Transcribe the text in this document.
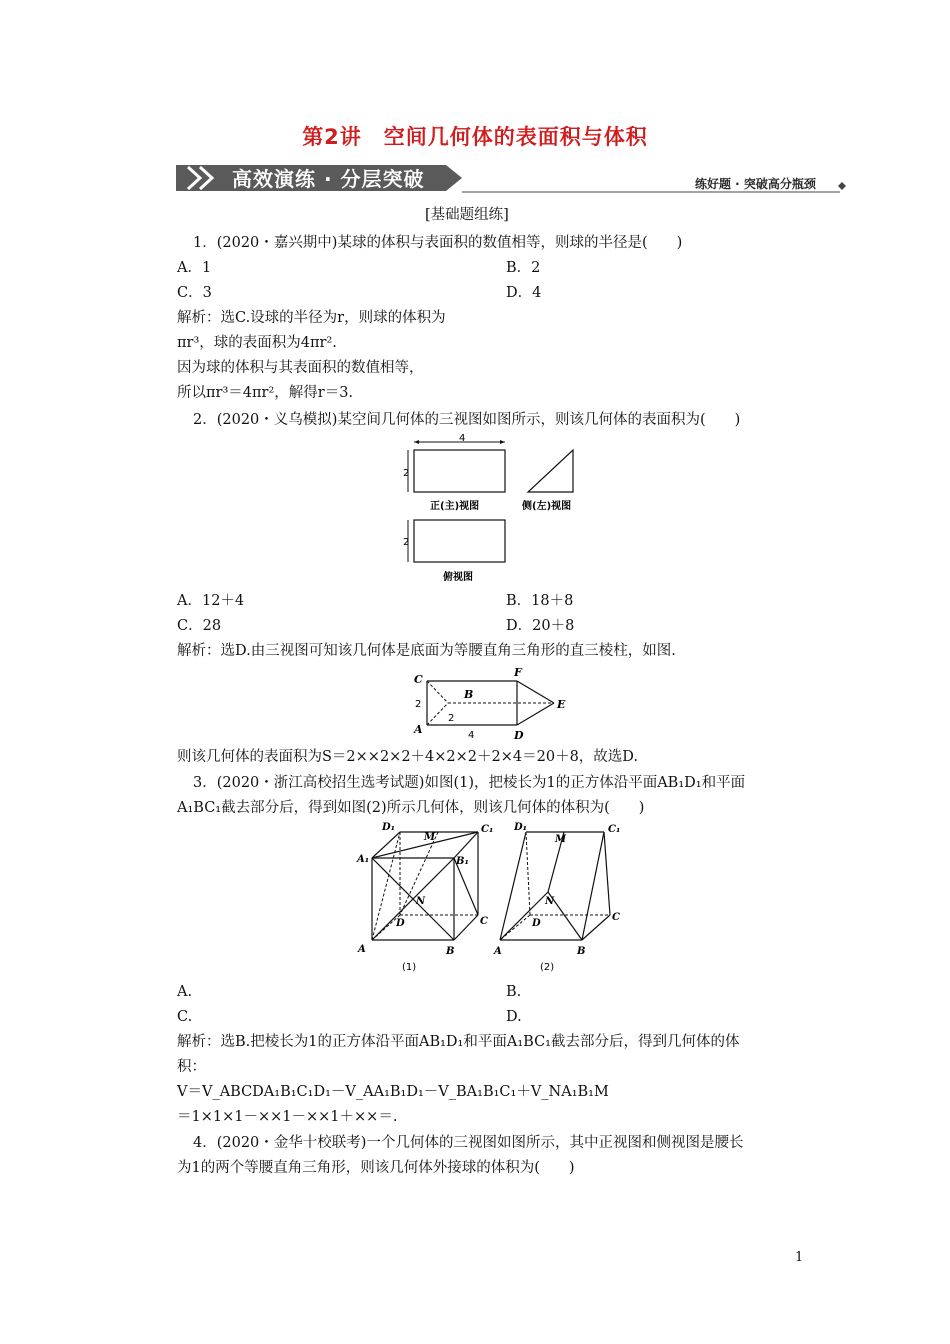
第2讲　空间几何体的表面积与体积
高效演练 · 分层突破	练好题 · 突破高分瓶颈
[基础题组练]
1．(2020・嘉兴期中)某球的体积与表面积的数值相等，则球的半径是(　　)
A．1	B．2
C．3	D．4
解析：选C.设球的半径为r，则球的体积为
πr³，球的表面积为4πr².
因为球的体积与其表面积的数值相等，
所以πr³＝4πr²，解得r＝3.
2．(2020・义乌模拟)某空间几何体的三视图如图所示，则该几何体的表面积为(　　)
4
2
正(主)视图	侧(左)视图
2
俯视图
A．12＋4	B．18＋8
C．28	D．20＋8
解析：选D.由三视图可知该几何体是底面为等腰直角三角形的直三棱柱，如图.
C
B
A
F
E
D
2
2
4
则该几何体的表面积为S＝2××2×2＋4×2×2＋2×4＝20＋8，故选D.
3．(2020・浙江高校招生选考试题)如图(1)，把棱长为1的正方体沿平面AB₁D₁和平面
A₁BC₁截去部分后，得到如图(2)所示几何体，则该几何体的体积为(　　)
D₁
M
C₁
A₁	B₁
N
D	C
A	B
(1)
D₁
M
C₁
N
D
C
A	B
(2)
A.	B.
C.	D.
解析：选B.把棱长为1的正方体沿平面AB₁D₁和平面A₁BC₁截去部分后，得到几何体的体
积：
V＝V_ABCDA₁B₁C₁D₁－V_AA₁B₁D₁－V_BA₁B₁C₁＋V_NA₁B₁M
＝1×1×1－××1－××1＋××＝.
4．(2020・金华十校联考)一个几何体的三视图如图所示，其中正视图和侧视图是腰长
为1的两个等腰直角三角形，则该几何体外接球的体积为(　　)
1
